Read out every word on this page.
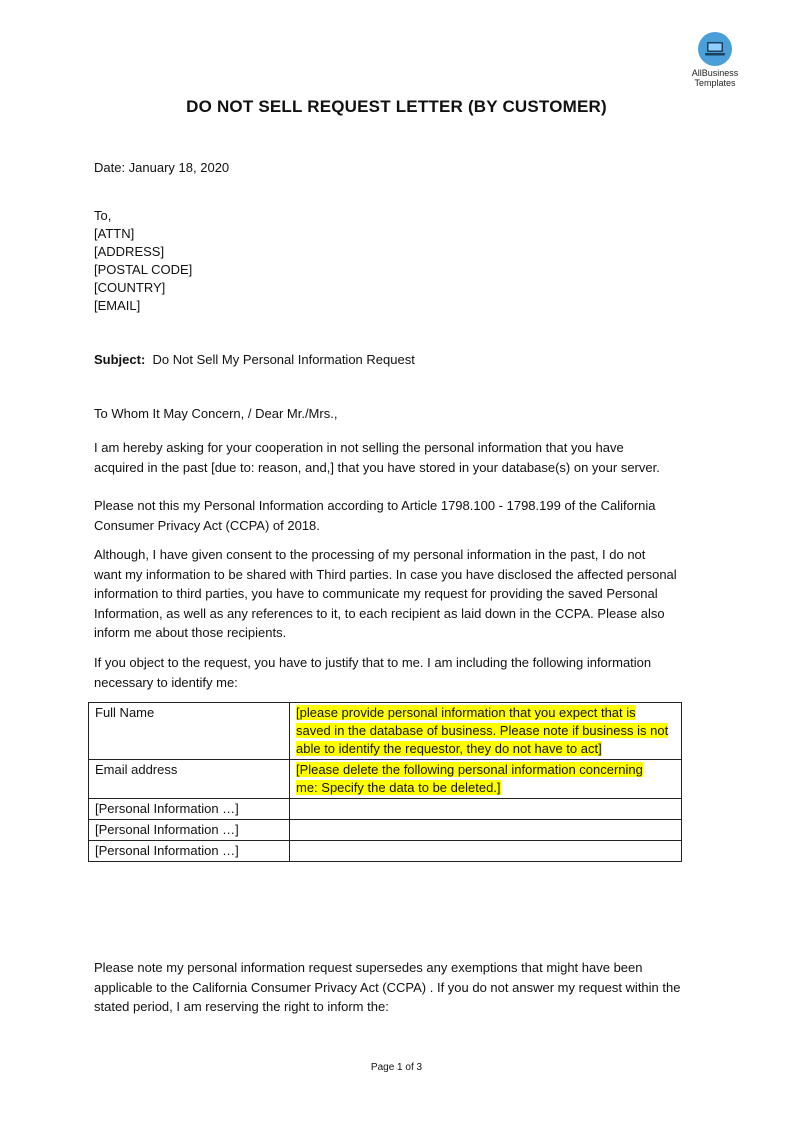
AllBusiness
Templates
DO NOT SELL REQUEST LETTER (BY CUSTOMER)
Date: January 18, 2020
To,
[ATTN]
[ADDRESS]
[POSTAL CODE]
[COUNTRY]
[EMAIL]
Subject: Do Not Sell My Personal Information Request
To Whom It May Concern, / Dear Mr./Mrs.,
I am hereby asking for your cooperation in not selling the personal information that you have
acquired in the past [due to: reason, and,] that you have stored in your database(s) on your server.
Please not this my Personal Information according to Article 1798.100 - 1798.199 of the California
Consumer Privacy Act (CCPA) of 2018.
Although, I have given consent to the processing of my personal information in the past, I do not
want my information to be shared with Third parties. In case you have disclosed the affected personal
information to third parties, you have to communicate my request for providing the saved Personal
Information, as well as any references to it, to each recipient as laid down in the CCPA. Please also
inform me about those recipients.
If you object to the request, you have to justify that to me. I am including the following information
necessary to identify me:
Full Name	[please provide personal information that you expect that is
saved in the database of business. Please note if business is not
able to identify the requestor, they do not have to act]
Email address	[Please delete the following personal information concerning
me: Specify the data to be deleted.]
[Personal Information …]	
[Personal Information …]	
[Personal Information …]	
Please note my personal information request supersedes any exemptions that might have been
applicable to the California Consumer Privacy Act (CCPA) . If you do not answer my request within the
stated period, I am reserving the right to inform the:
Page 1 of 3
